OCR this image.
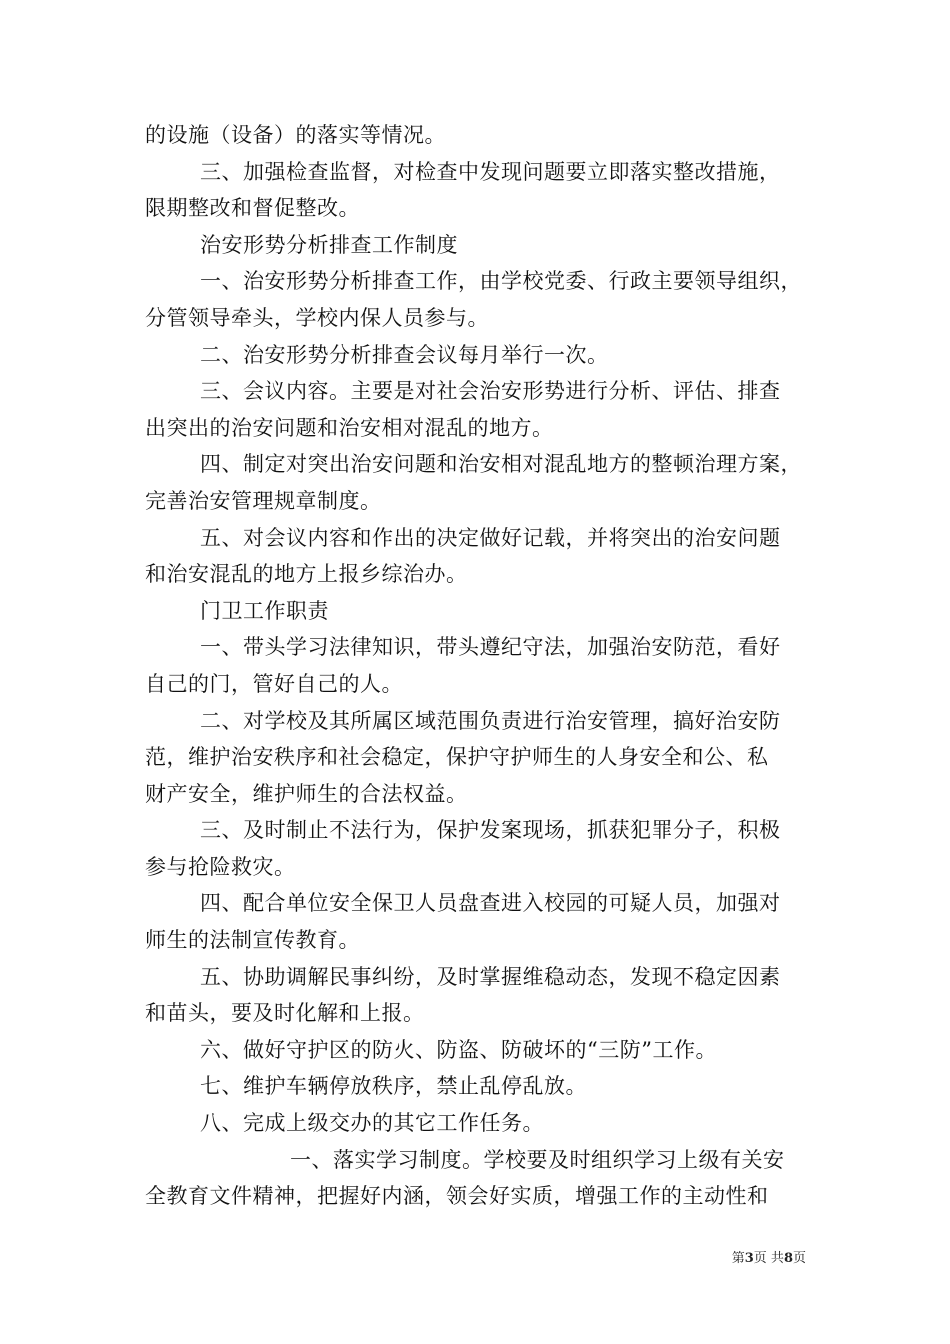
的设施（设备）的落实等情况。
三、加强检查监督，对检查中发现问题要立即落实整改措施，
限期整改和督促整改。
治安形势分析排查工作制度
一、治安形势分析排查工作，由学校党委、行政主要领导组织，
分管领导牵头，学校内保人员参与。
二、治安形势分析排查会议每月举行一次。
三、会议内容。主要是对社会治安形势进行分析、评估、排查
出突出的治安问题和治安相对混乱的地方。
四、制定对突出治安问题和治安相对混乱地方的整顿治理方案，
完善治安管理规章制度。
五、对会议内容和作出的决定做好记载，并将突出的治安问题
和治安混乱的地方上报乡综治办。
门卫工作职责
一、带头学习法律知识，带头遵纪守法，加强治安防范，看好
自己的门，管好自己的人。
二、对学校及其所属区域范围负责进行治安管理，搞好治安防
范，维护治安秩序和社会稳定，保护守护师生的人身安全和公、私
财产安全，维护师生的合法权益。
三、及时制止不法行为，保护发案现场，抓获犯罪分子，积极
参与抢险救灾。
四、配合单位安全保卫人员盘查进入校园的可疑人员，加强对
师生的法制宣传教育。
五、协助调解民事纠纷，及时掌握维稳动态，发现不稳定因素
和苗头，要及时化解和上报。
六、做好守护区的防火、防盗、防破坏的“三防”工作。
七、维护车辆停放秩序，禁止乱停乱放。
八、完成上级交办的其它工作任务。
一、落实学习制度。学校要及时组织学习上级有关安
全教育文件精神，把握好内涵，领会好实质，增强工作的主动性和
第3页 共8页
